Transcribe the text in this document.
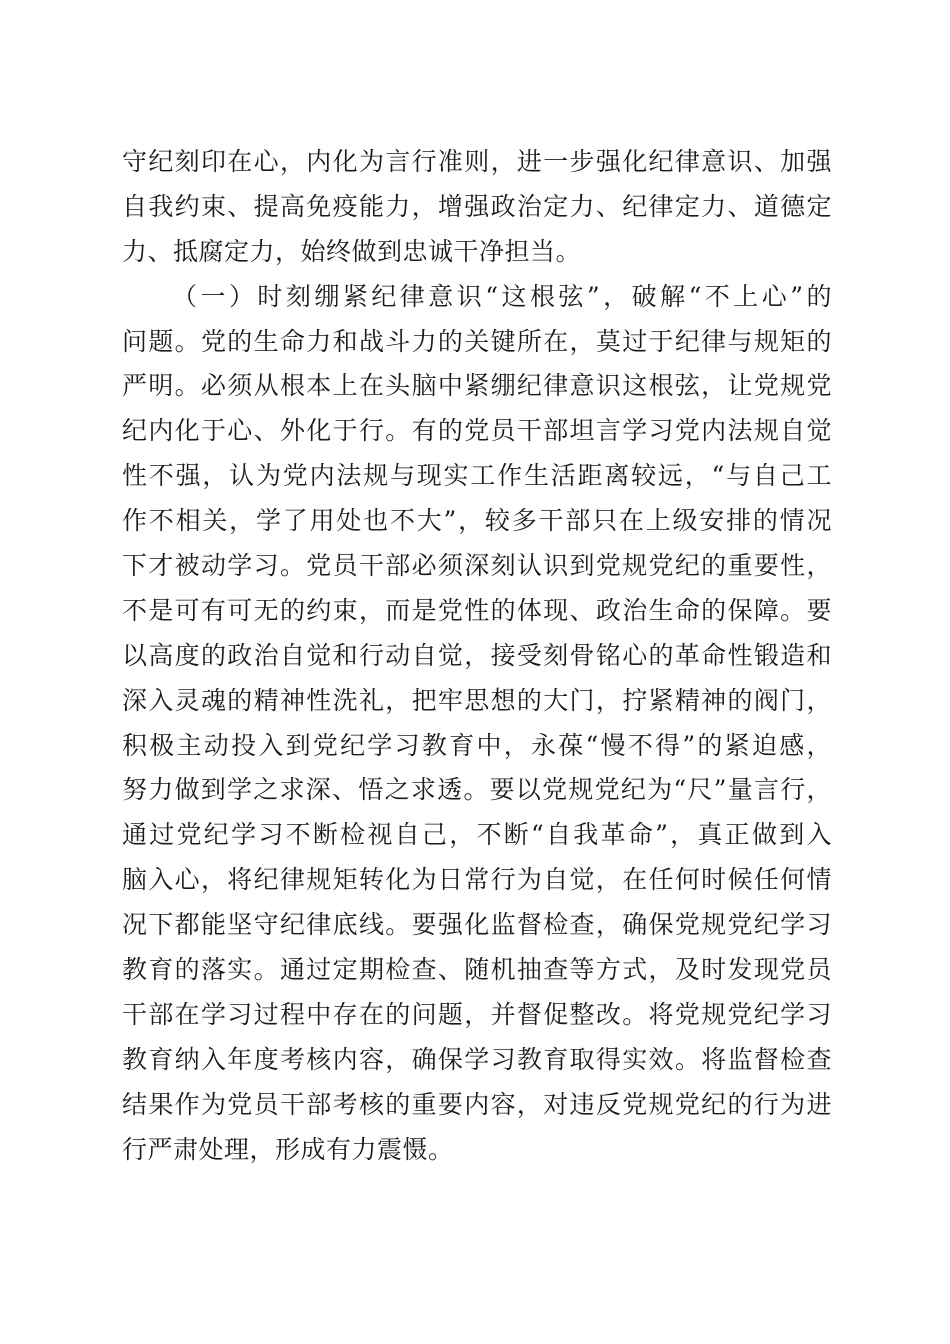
守纪刻印在心，内化为言行准则，进一步强化纪律意识、加强
自我约束、提高免疫能力，增强政治定力、纪律定力、道德定
力、抵腐定力，始终做到忠诚干净担当。
（一）时刻绷紧纪律意识“这根弦”，破解“不上心”的
问题。党的生命力和战斗力的关键所在，莫过于纪律与规矩的
严明。必须从根本上在头脑中紧绷纪律意识这根弦，让党规党
纪内化于心、外化于行。有的党员干部坦言学习党内法规自觉
性不强，认为党内法规与现实工作生活距离较远，“与自己工
作不相关，学了用处也不大”，较多干部只在上级安排的情况
下才被动学习。党员干部必须深刻认识到党规党纪的重要性，
不是可有可无的约束，而是党性的体现、政治生命的保障。要
以高度的政治自觉和行动自觉，接受刻骨铭心的革命性锻造和
深入灵魂的精神性洗礼，把牢思想的大门，拧紧精神的阀门，
积极主动投入到党纪学习教育中，永葆“慢不得”的紧迫感，
努力做到学之求深、悟之求透。要以党规党纪为“尺”量言行，
通过党纪学习不断检视自己，不断“自我革命”，真正做到入
脑入心，将纪律规矩转化为日常行为自觉，在任何时候任何情
况下都能坚守纪律底线。要强化监督检查，确保党规党纪学习
教育的落实。通过定期检查、随机抽查等方式，及时发现党员
干部在学习过程中存在的问题，并督促整改。将党规党纪学习
教育纳入年度考核内容，确保学习教育取得实效。将监督检查
结果作为党员干部考核的重要内容，对违反党规党纪的行为进
行严肃处理，形成有力震慑。
